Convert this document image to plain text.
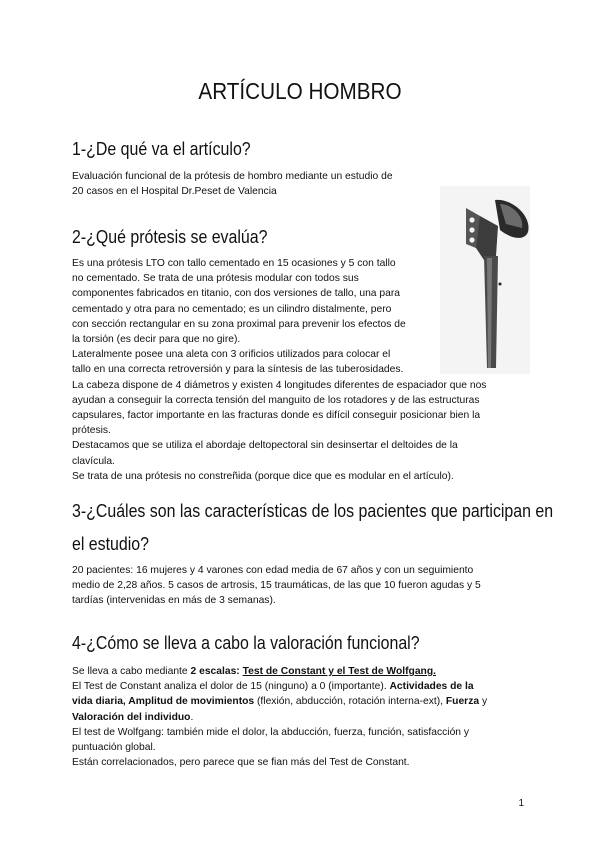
ARTÍCULO HOMBRO
1-¿De qué va el artículo?
Evaluación funcional de la prótesis de hombro mediante un estudio de
20 casos en el Hospital Dr.Peset de Valencia
2-¿Qué prótesis se evalúa?
Es una prótesis LTO con tallo cementado en 15 ocasiones y 5 con tallo
no cementado. Se trata de una prótesis modular con todos sus
componentes fabricados en titanio, con dos versiones de tallo, una para
cementado y otra para no cementado; es un cilindro distalmente, pero
con sección rectangular en su zona proximal para prevenir los efectos de
la torsión (es decir para que no gire).
Lateralmente posee una aleta con 3 orificios utilizados para colocar el
tallo en una correcta retroversión y para la síntesis de las tuberosidades.
La cabeza dispone de 4 diámetros y existen 4 longitudes diferentes de espaciador que nos
ayudan a conseguir la correcta tensión del manguito de los rotadores y de las estructuras
capsulares, factor importante en las fracturas donde es difícil conseguir posicionar bien la
prótesis.
Destacamos que se utiliza el abordaje deltopectoral sin desinsertar el deltoides de la
clavícula.
Se trata de una prótesis no constreñida (porque dice que es modular en el artículo).
3-¿Cuáles son las características de los pacientes que participan en
el estudio?
20 pacientes: 16 mujeres y 4 varones con edad media de 67 años y con un seguimiento
medio de 2,28 años. 5 casos de artrosis, 15 traumáticas, de las que 10 fueron agudas y 5
tardías (intervenidas en más de 3 semanas).
4-¿Cómo se lleva a cabo la valoración funcional?
Se lleva a cabo mediante 2 escalas: Test de Constant y el Test de Wolfgang.
El Test de Constant analiza el dolor de 15 (ninguno) a 0 (importante). Actividades de la
vida diaria, Amplitud de movimientos (flexión, abducción, rotación interna-ext), Fuerza y
Valoración del individuo.
El test de Wolfgang: también mide el dolor, la abducción, fuerza, función, satisfacción y
puntuación global.
Están correlacionados, pero parece que se fian más del Test de Constant.
1
